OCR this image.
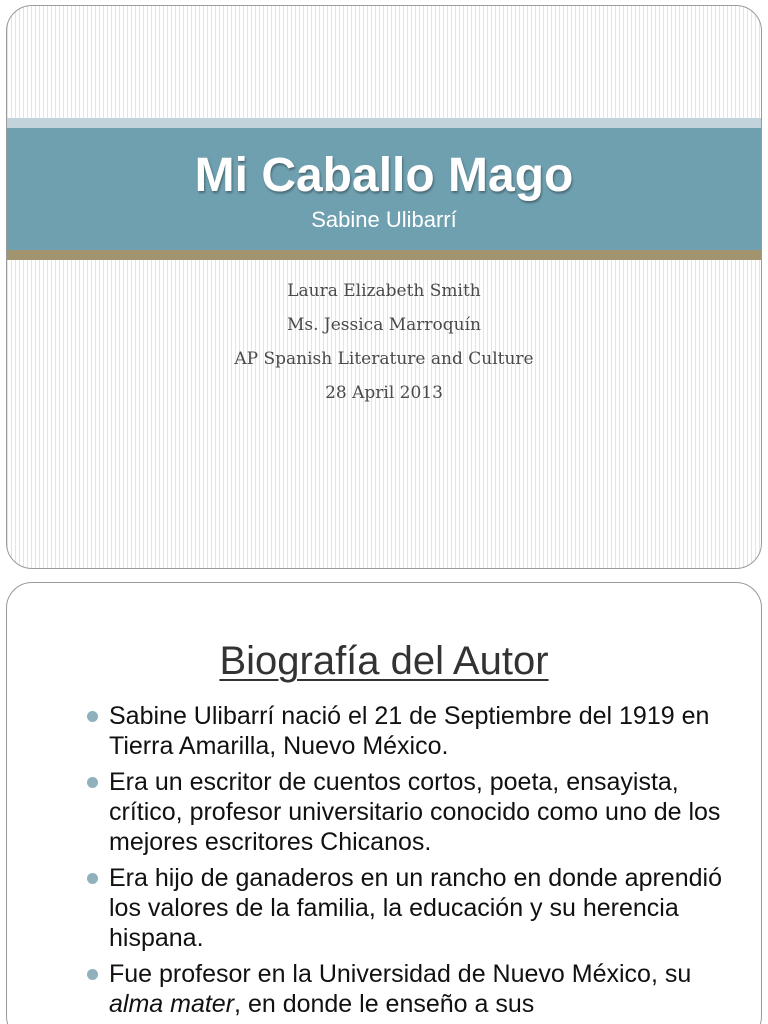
Mi Caballo Mago
Sabine Ulibarrí
Laura Elizabeth Smith
Ms. Jessica Marroquín
AP Spanish Literature and Culture
28 April 2013
Biografía del Autor
Sabine Ulibarrí nació el 21 de Septiembre del 1919 en Tierra Amarilla, Nuevo México.
Era un escritor de cuentos cortos, poeta, ensayista, crítico, profesor universitario conocido como uno de los mejores escritores Chicanos.
Era hijo de ganaderos en un rancho en donde aprendió los valores de la familia, la educación y su herencia hispana.
Fue profesor en la Universidad de Nuevo México, su alma mater, en donde le enseño a sus
